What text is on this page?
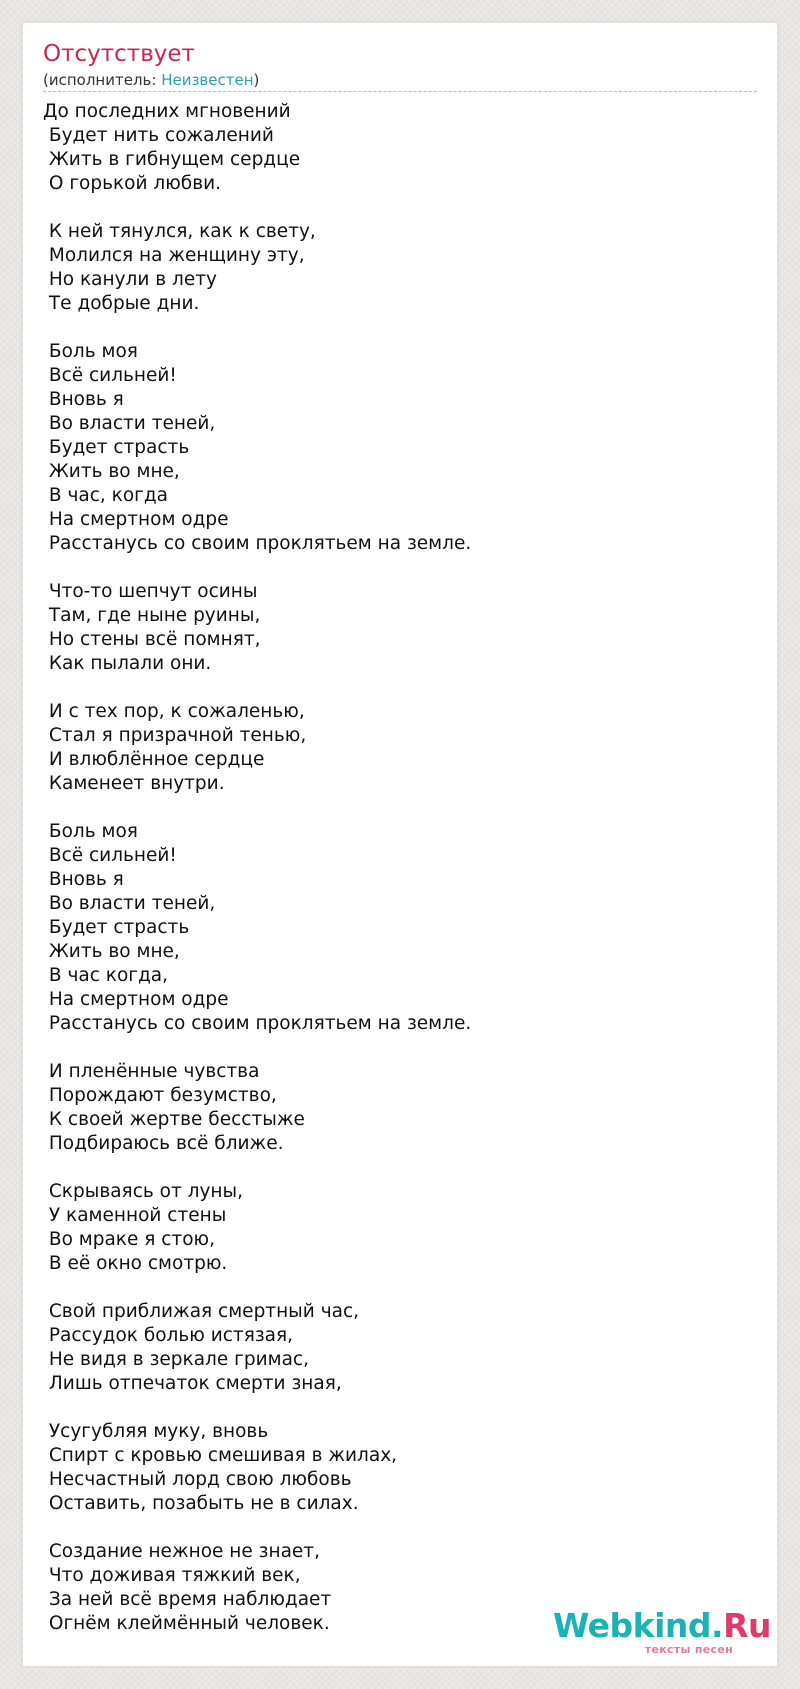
Отсутствует
(исполнитель: Неизвестен)
До последних мгновений
Будет нить сожалений
Жить в гибнущем сердце
О горькой любви.
К ней тянулся, как к свету,
Молился на женщину эту,
Но канули в лету
Те добрые дни.
Боль моя
Всё сильней!
Вновь я
Во власти теней,
Будет страсть
Жить во мне,
В час, когда
На смертном одре
Расстанусь со своим проклятьем на земле.
Что-то шепчут осины
Там, где ныне руины,
Но стены всё помнят,
Как пылали они.
И с тех пор, к сожаленью,
Стал я призрачной тенью,
И влюблённое сердце
Каменеет внутри.
Боль моя
Всё сильней!
Вновь я
Во власти теней,
Будет страсть
Жить во мне,
В час когда,
На смертном одре
Расстанусь со своим проклятьем на земле.
И пленённые чувства
Порождают безумство,
К своей жертве бесстыже
Подбираюсь всё ближе.
Скрываясь от луны,
У каменной стены
Во мраке я стою,
В её окно смотрю.
Свой приближая смертный час,
Рассудок болью истязая,
Не видя в зеркале гримас,
Лишь отпечаток смерти зная,
Усугубляя муку, вновь
Спирт с кровью смешивая в жилах,
Несчастный лорд свою любовь
Оставить, позабыть не в силах.
Создание нежное не знает,
Что доживая тяжкий век,
За ней всё время наблюдает
Огнём клеймённый человек.	Webkind.Ru
тексты песен
